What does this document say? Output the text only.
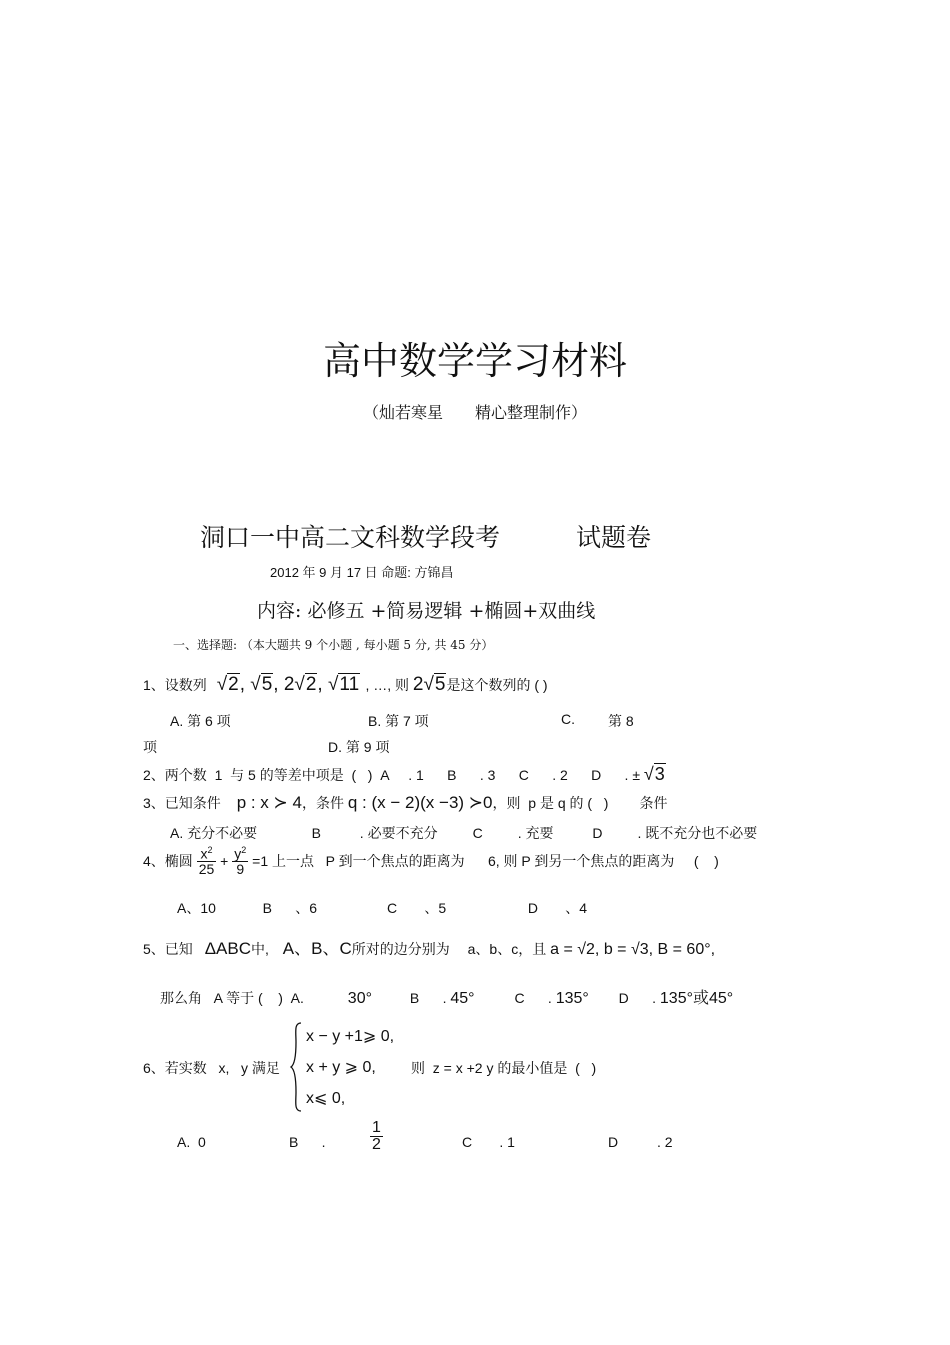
高中数学学习材料
（灿若寒星　　精心整理制作）
洞口一中高二文科数学段考	试题卷
2012 年 9 月 17 日 命题: 方锦昌
内容: 必修五 +简易逻辑 +椭圆+双曲线
一、选择题: （本大题共 9 个小题 , 每小题 5 分, 共 45 分）
1、设数列 √2, √5, 2√2, √11 , …, 则 2√5是这个数列的 ( )
A. 第 6 项	B. 第 7 项	C. 第 8
项	D. 第 9 项
2、两个数  1  与 5 的等差中项是  (   )  A     . 1      B      . 3      C      . 2      D      . ± √3
3、已知条件 p : x ≻ 4，条件 q : (x − 2)(x −3) ≻0，则  p 是 q 的 (   )        条件
A. 充分不必要              B          . 必要不充分         C         . 充要          D         . 既不充分也不必要
4、椭圆 $\frac{x^2}{25} + \frac{y^2}{9} =1$ 上一点   P 到一个焦点的距离为      6, 则 P 到另一个焦点的距离为     (    )
A、10            B      、6                  C       、5                     D       、4
5、已知 ΔABC中, A、B、C所对的边分别为 a、b、c，且 a = √2, b = √3, B = 60°,
那么角   A 等于 (    )  A.	30°	B      . 45°	C      . 135° D      . 135°或45°
6、若实数   x,   y 满足
x − y +1⩾ 0,
x + y ⩾ 0,
x⩽ 0,
则  z = x +2 y 的最小值是  (   )
A.  0	B      .	$\frac{1}{2}$	C       . 1	D          . 2
